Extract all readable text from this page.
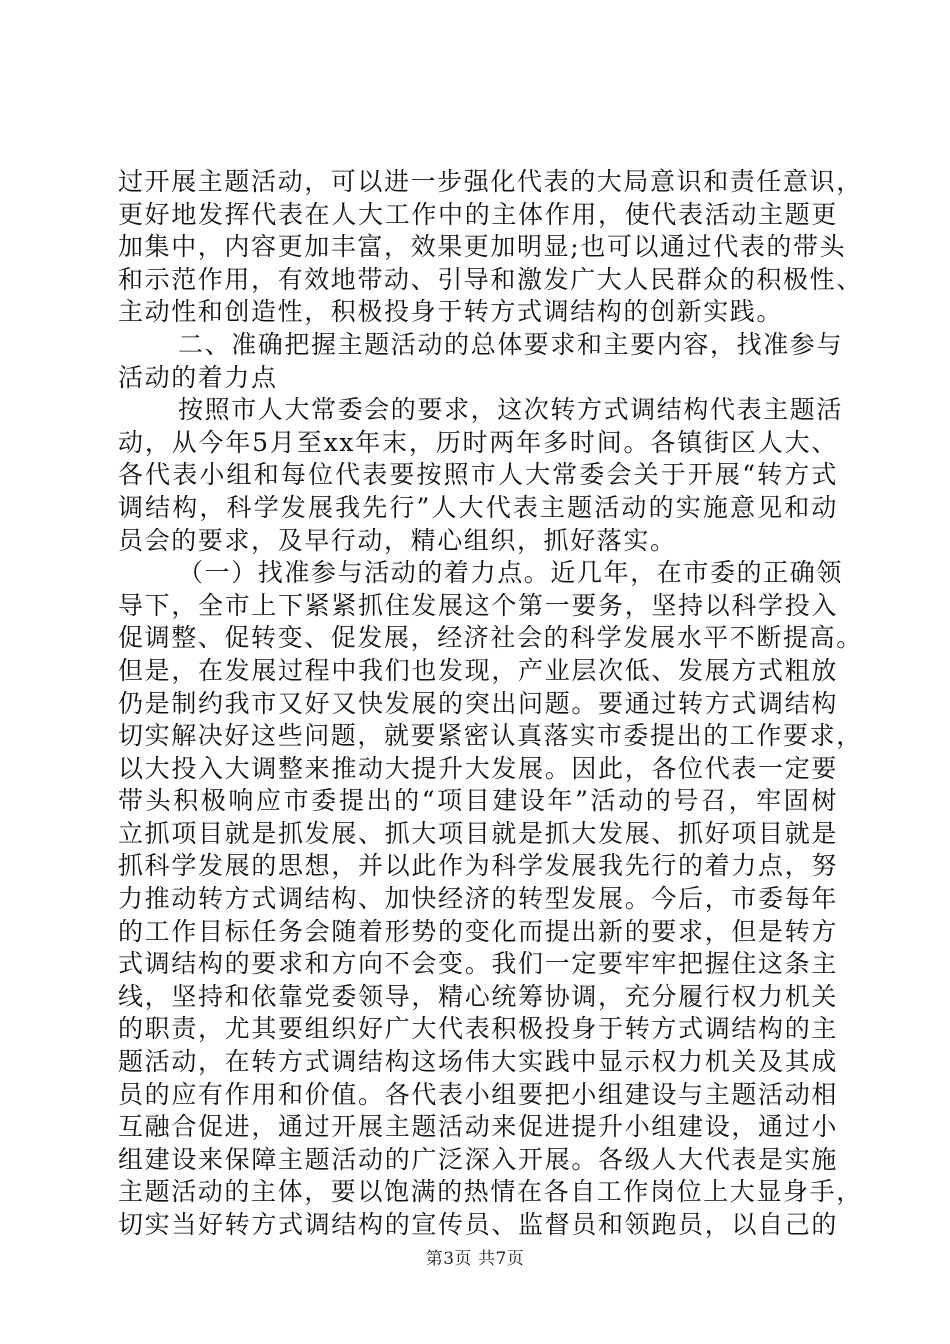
过开展主题活动，可以进一步强化代表的大局意识和责任意识，
更好地发挥代表在人大工作中的主体作用，使代表活动主题更
加集中，内容更加丰富，效果更加明显;也可以通过代表的带头
和示范作用，有效地带动、引导和激发广大人民群众的积极性、
主动性和创造性，积极投身于转方式调结构的创新实践。
二、准确把握主题活动的总体要求和主要内容，找准参与
活动的着力点
按照市人大常委会的要求，这次转方式调结构代表主题活
动，从今年5月至xx年末，历时两年多时间。各镇街区人大、
各代表小组和每位代表要按照市人大常委会关于开展“转方式
调结构，科学发展我先行”人大代表主题活动的实施意见和动
员会的要求，及早行动，精心组织，抓好落实。
（一）找准参与活动的着力点。近几年，在市委的正确领
导下，全市上下紧紧抓住发展这个第一要务，坚持以科学投入
促调整、促转变、促发展，经济社会的科学发展水平不断提高。
但是，在发展过程中我们也发现，产业层次低、发展方式粗放
仍是制约我市又好又快发展的突出问题。要通过转方式调结构
切实解决好这些问题，就要紧密认真落实市委提出的工作要求，
以大投入大调整来推动大提升大发展。因此，各位代表一定要
带头积极响应市委提出的“项目建设年”活动的号召，牢固树
立抓项目就是抓发展、抓大项目就是抓大发展、抓好项目就是
抓科学发展的思想，并以此作为科学发展我先行的着力点，努
力推动转方式调结构、加快经济的转型发展。今后，市委每年
的工作目标任务会随着形势的变化而提出新的要求，但是转方
式调结构的要求和方向不会变。我们一定要牢牢把握住这条主
线，坚持和依靠党委领导，精心统筹协调，充分履行权力机关
的职责，尤其要组织好广大代表积极投身于转方式调结构的主
题活动，在转方式调结构这场伟大实践中显示权力机关及其成
员的应有作用和价值。各代表小组要把小组建设与主题活动相
互融合促进，通过开展主题活动来促进提升小组建设，通过小
组建设来保障主题活动的广泛深入开展。各级人大代表是实施
主题活动的主体，要以饱满的热情在各自工作岗位上大显身手，
切实当好转方式调结构的宣传员、监督员和领跑员，以自己的
第3页 共7页
